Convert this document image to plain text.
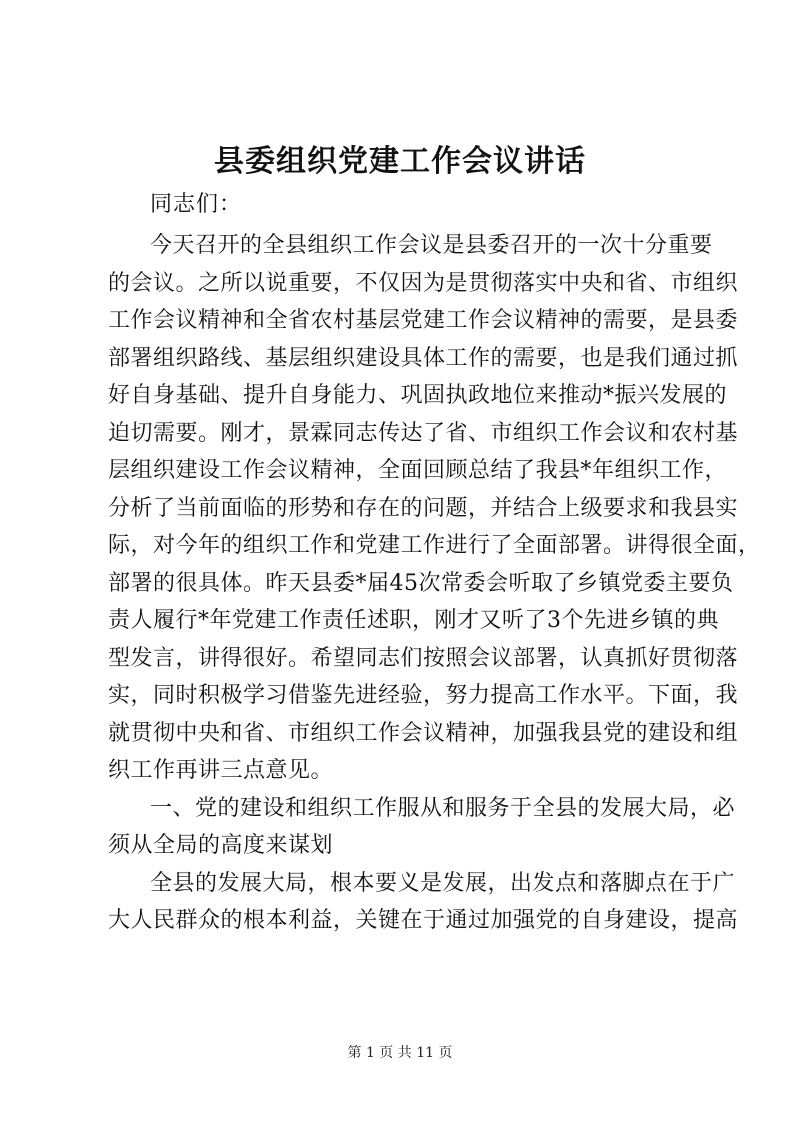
县委组织党建工作会议讲话
同志们：
今天召开的全县组织工作会议是县委召开的一次十分重要
的会议。之所以说重要，不仅因为是贯彻落实中央和省、市组织
工作会议精神和全省农村基层党建工作会议精神的需要，是县委
部署组织路线、基层组织建设具体工作的需要，也是我们通过抓
好自身基础、提升自身能力、巩固执政地位来推动*振兴发展的
迫切需要。刚才，景霖同志传达了省、市组织工作会议和农村基
层组织建设工作会议精神，全面回顾总结了我县*年组织工作，
分析了当前面临的形势和存在的问题，并结合上级要求和我县实
际，对今年的组织工作和党建工作进行了全面部署。讲得很全面，
部署的很具体。昨天县委*届45次常委会听取了乡镇党委主要负
责人履行*年党建工作责任述职，刚才又听了3个先进乡镇的典
型发言，讲得很好。希望同志们按照会议部署，认真抓好贯彻落
实，同时积极学习借鉴先进经验，努力提高工作水平。下面，我
就贯彻中央和省、市组织工作会议精神，加强我县党的建设和组
织工作再讲三点意见。
一、党的建设和组织工作服从和服务于全县的发展大局，必
须从全局的高度来谋划
全县的发展大局，根本要义是发展，出发点和落脚点在于广
大人民群众的根本利益，关键在于通过加强党的自身建设，提高
第 1 页 共 11 页
